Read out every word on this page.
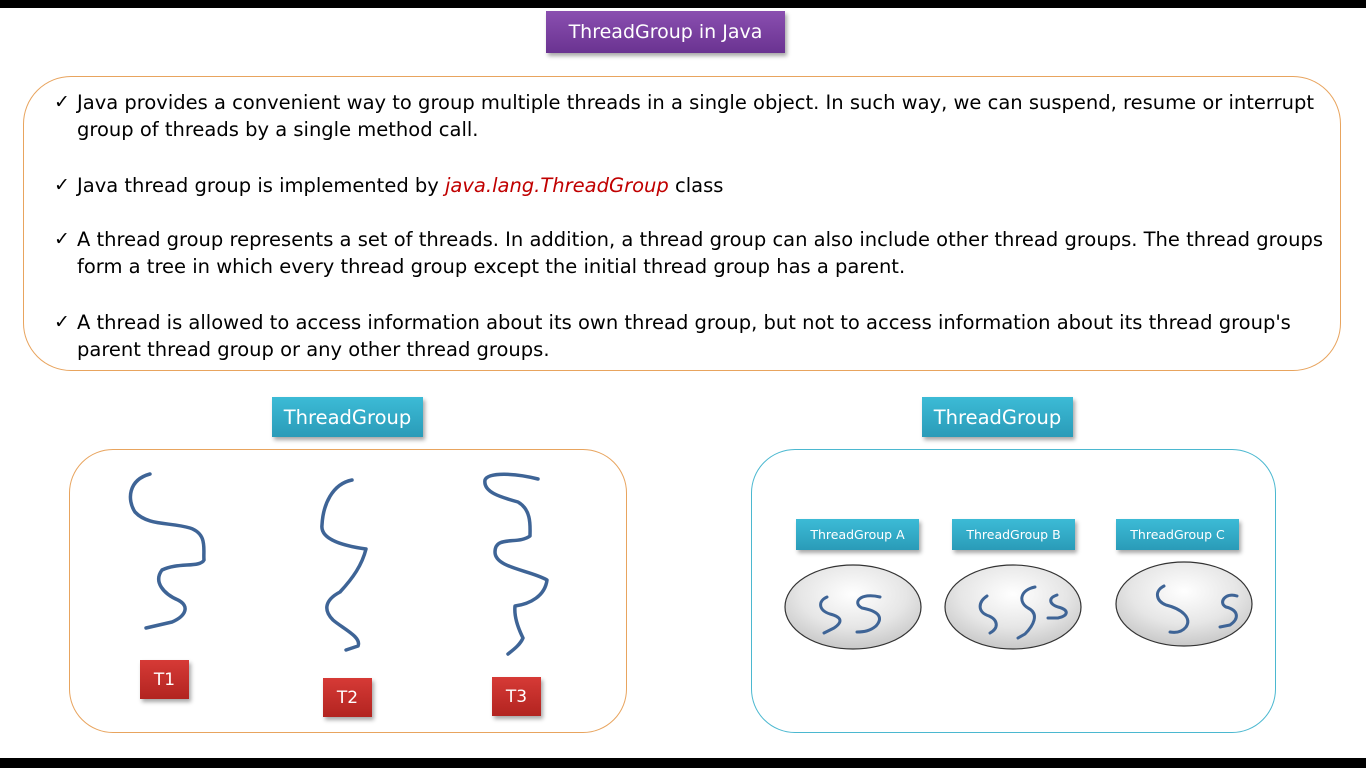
ThreadGroup in Java
✓ Java provides a convenient way to group multiple threads in a single object. In such way, we can suspend, resume or interrupt group of threads by a single method call.
✓ Java thread group is implemented by java.lang.ThreadGroup class
✓ A thread group represents a set of threads. In addition, a thread group can also include other thread groups. The thread groups form a tree in which every thread group except the initial thread group has a parent.
✓ A thread is allowed to access information about its own thread group, but not to access information about its thread group's parent thread group or any other thread groups.
ThreadGroup	ThreadGroup
T1
T2	T3
ThreadGroup A	ThreadGroup B	ThreadGroup C
